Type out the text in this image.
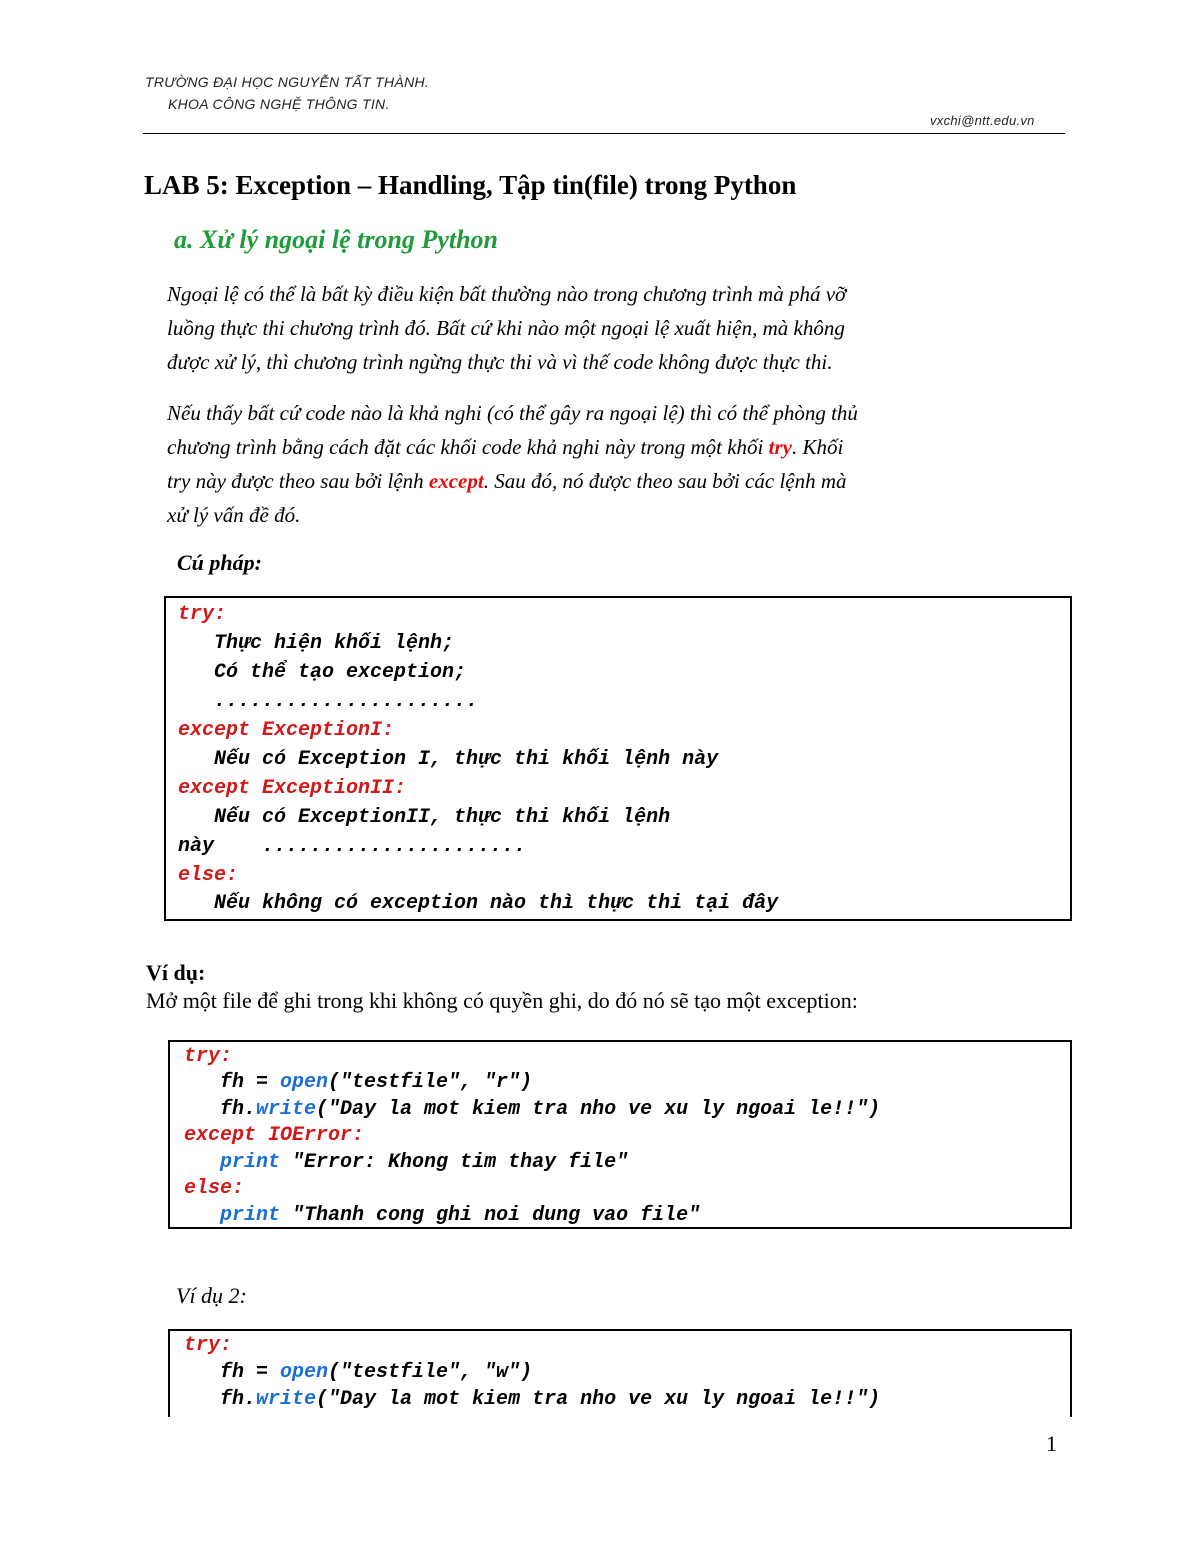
TRƯỜNG ĐẠI HỌC NGUYỄN TẤT THÀNH.
KHOA CÔNG NGHỆ THÔNG TIN.
vxchi@ntt.edu.vn
LAB 5: Exception – Handling, Tập tin(file) trong Python
a. Xử lý ngoại lệ trong Python
Ngoại lệ có thể là bất kỳ điều kiện bất thường nào trong chương trình mà phá vỡ
luồng thực thi chương trình đó. Bất cứ khi nào một ngoại lệ xuất hiện, mà không
được xử lý, thì chương trình ngừng thực thi và vì thế code không được thực thi.
Nếu thấy bất cứ code nào là khả nghi (có thể gây ra ngoại lệ) thì có thể phòng thủ
chương trình bằng cách đặt các khối code khả nghi này trong một khối try. Khối
try này được theo sau bởi lệnh except. Sau đó, nó được theo sau bởi các lệnh mà
xử lý vấn đề đó.
Cú pháp:

try:

Thực hiện khối lệnh;

Có thể tạo exception;

......................

except ExceptionI:

Nếu có Exception I, thực thi khối lệnh này

except ExceptionII:

Nếu có ExceptionII, thực thi khối lệnh

này    ......................

else:

Nếu không có exception nào thì thực thi tại đây

Ví dụ:
Mở một file để ghi trong khi không có quyền ghi, do đó nó sẽ tạo một exception:

try:

fh = open("testfile", "r")

fh.write("Day la mot kiem tra nho ve xu ly ngoai le!!")

except IOError:

print "Error: Khong tim thay file"

else:

print "Thanh cong ghi noi dung vao file"

Ví dụ 2:

try:

fh = open("testfile", "w")

fh.write("Day la mot kiem tra nho ve xu ly ngoai le!!")

1
